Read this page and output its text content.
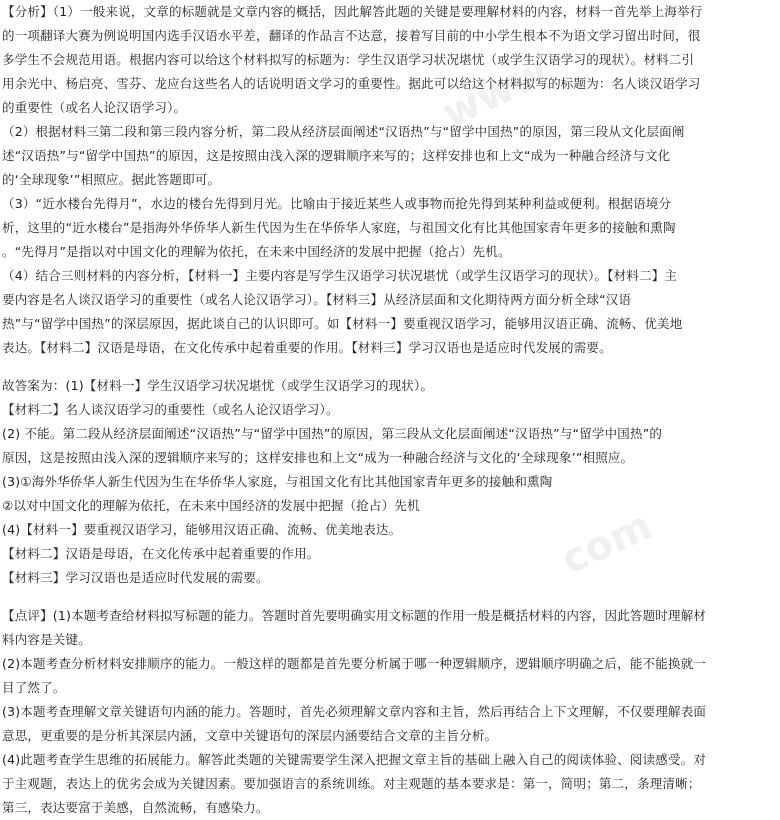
www
com
【分析】（1）一般来说，文章的标题就是文章内容的概括，因此解答此题的关键是要理解材料的内容，材料一首先举上海举行
的一项翻译大赛为例说明国内选手汉语水平差，翻译的作品言不达意，接着写目前的中小学生根本不为语文学习留出时间，很
多学生不会规范用语。根据内容可以给这个材料拟写的标题为：学生汉语学习状况堪忧（或学生汉语学习的现状）。材料二引
用余光中、杨启亮、雪芬、龙应台这些名人的话说明语文学习的重要性。据此可以给这个材料拟写的标题为：名人谈汉语学习
的重要性（或名人论汉语学习）。
（2）根据材料三第二段和第三段内容分析，第二段从经济层面阐述“汉语热”与“留学中国热”的原因，第三段从文化层面阐
述“汉语热”与“留学中国热”的原因，这是按照由浅入深的逻辑顺序来写的；这样安排也和上文“成为一种融合经济与文化
的‘全球现象’”相照应。据此答题即可。
（3）“近水楼台先得月”，水边的楼台先得到月光。比喻由于接近某些人或事物而抢先得到某种利益或便利。根据语境分
析，这里的“近水楼台”是指海外华侨华人新生代因为生在华侨华人家庭，与祖国文化有比其他国家青年更多的接触和熏陶
。“先得月”是指以对中国文化的理解为依托，在未来中国经济的发展中把握（抢占）先机。
（4）结合三则材料的内容分析，【材料一】主要内容是写学生汉语学习状况堪忧（或学生汉语学习的现状）。【材料二】主
要内容是名人谈汉语学习的重要性（或名人论汉语学习）。【材料三】从经济层面和文化期待两方面分析全球“汉语
热”与“留学中国热”的深层原因，据此谈自己的认识即可。如【材料一】要重视汉语学习，能够用汉语正确、流畅、优美地
表达。【材料二】汉语是母语，在文化传承中起着重要的作用。【材料三】学习汉语也是适应时代发展的需要。
故答案为：(1)【材料一】学生汉语学习状况堪忧（或学生汉语学习的现状）。
【材料二】名人谈汉语学习的重要性（或名人论汉语学习）。
(2) 不能。第二段从经济层面阐述“汉语热”与“留学中国热”的原因，第三段从文化层面阐述“汉语热”与“留学中国热”的
原因，这是按照由浅入深的逻辑顺序来写的；这样安排也和上文“成为一种融合经济与文化的‘全球现象’”相照应。
(3)①海外华侨华人新生代因为生在华侨华人家庭，与祖国文化有比其他国家青年更多的接触和熏陶
②以对中国文化的理解为依托，在未来中国经济的发展中把握（抢占）先机
(4)【材料一】要重视汉语学习，能够用汉语正确、流畅、优美地表达。
【材料二】汉语是母语，在文化传承中起着重要的作用。
【材料三】学习汉语也是适应时代发展的需要。
【点评】(1)本题考查给材料拟写标题的能力。答题时首先要明确实用文标题的作用一般是概括材料的内容，因此答题时理解材
料内容是关键。
(2)本题考查分析材料安排顺序的能力。一般这样的题都是首先要分析属于哪一种逻辑顺序，逻辑顺序明确之后，能不能换就一
目了然了。
(3)本题考查理解文章关键语句内涵的能力。答题时，首先必须理解文章内容和主旨，然后再结合上下文理解，不仅要理解表面
意思，更重要的是分析其深层内涵，文章中关键语句的深层内涵要结合文章的主旨分析。
(4)此题考查学生思维的拓展能力。解答此类题的关键需要学生深入把握文章主旨的基础上融入自己的阅读体验、阅读感受。对
于主观题，表达上的优劣会成为关键因素。要加强语言的系统训练。对主观题的基本要求是：第一，简明；第二，条理清晰；
第三，表达要富于美感，自然流畅，有感染力。
